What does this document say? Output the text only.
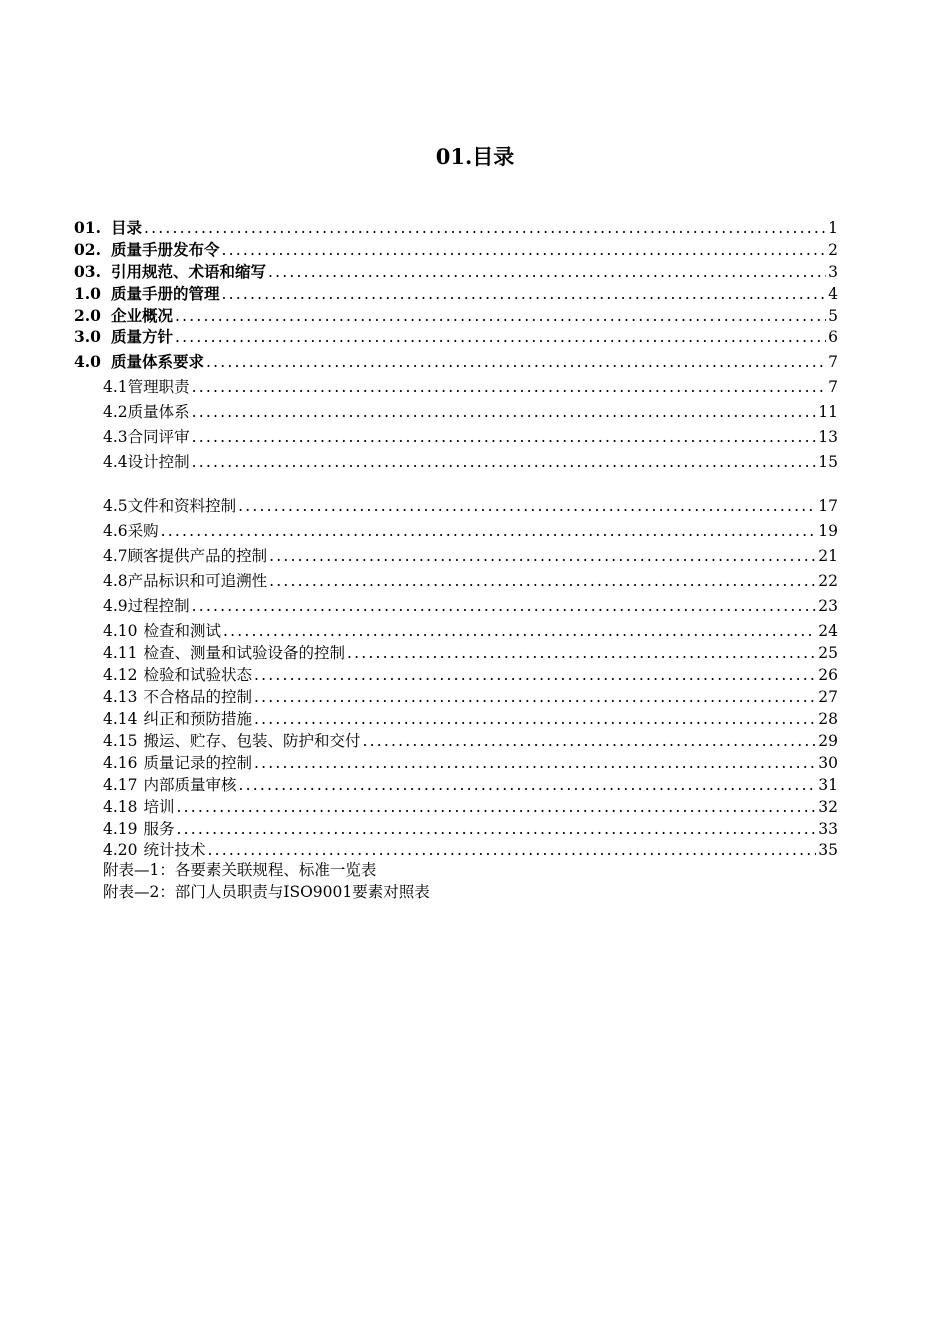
01.目录
01. 目录 .....	1
02. 质量手册发布令 .....	2
03. 引用规范、术语和缩写 .....	3
1.0 质量手册的管理 .....	4
2.0 企业概况 .....	5
3.0 质量方针 .....	6
4.0 质量体系要求 .....	7
4.1 管理职责 .....	7
4.2 质量体系 .....	11
4.3 合同评审 .....	13
4.4 设计控制 .....	15
4.5 文件和资料控制 .....	17
4.6 采购 .....	19
4.7 顾客提供产品的控制 .....	21
4.8 产品标识和可追溯性 .....	22
4.9 过程控制 .....	23
4.10 检查和测试 .....	24
4.11 检查、测量和试验设备的控制 .....	25
4.12 检验和试验状态 .....	26
4.13 不合格品的控制 .....	27
4.14 纠正和预防措施 .....	28
4.15 搬运、贮存、包装、防护和交付 .....	29
4.16 质量记录的控制 .....	30
4.17 内部质量审核 .....	31
4.18 培训 .....	32
4.19 服务 .....	33
4.20 统计技术 .....	35
附表—1：各要素关联规程、标准一览表
附表—2：部门人员职责与ISO9001要素对照表
